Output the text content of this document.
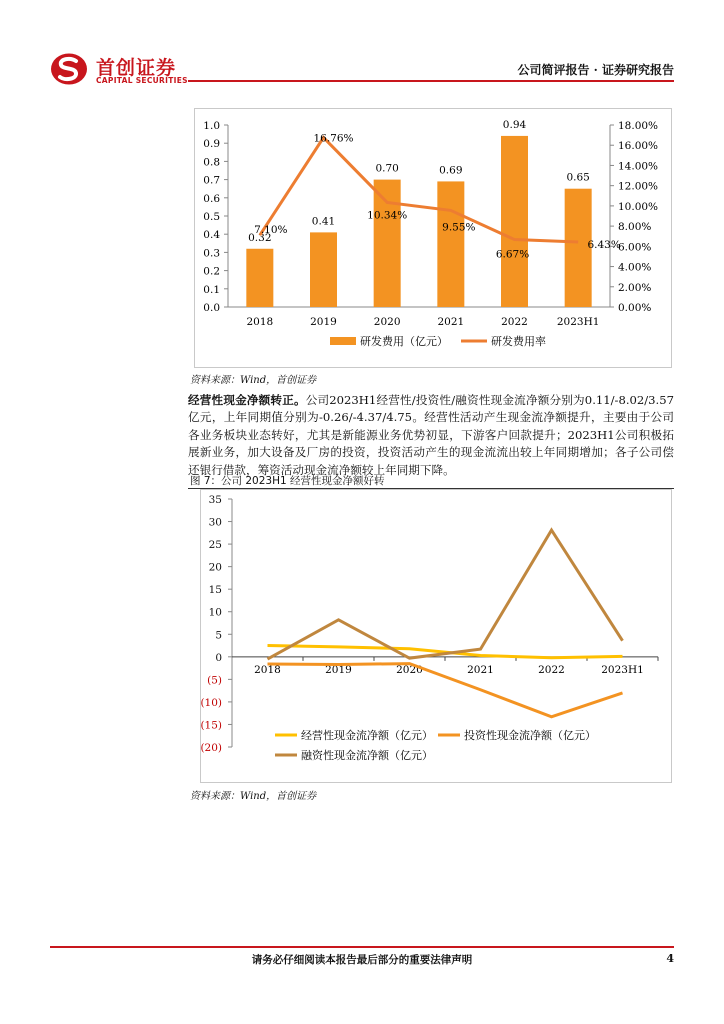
首创证券
CAPITAL SECURITIES
公司简评报告 · 证券研究报告
0.0
0.1
0.2
0.3
0.4
0.5
0.6
0.7
0.8
0.9
1.0
0.00%
2.00%
4.00%
6.00%
8.00%
10.00%
12.00%
14.00%
16.00%
18.00%
0.32
0.41
0.70	0.69
0.94
0.65
7.10%
16.76%
10.34%
9.55%
6.67%
6.43%
2018	2019	2020	2021	2022	2023H1
研发费用（亿元）	研发费用率
资料来源：Wind，首创证券
经营性现金净额转正。公司2023H1经营性/投资性/融资性现金流净额分别为0.11/-8.02/3.57亿元，上年同期值分别为-0.26/-4.37/4.75。经营性活动产生现金流净额提升，主要由于公司各业务板块业态转好，尤其是新能源业务优势初显，下游客户回款提升；2023H1公司积极拓展新业务，加大设备及厂房的投资，投资活动产生的现金流流出较上年同期增加；各子公司偿还银行借款，筹资活动现金流净额较上年同期下降。
图 7：公司 2023H1 经营性现金净额好转
(20)
(15)
(10)
(5)
0
5
10
15
20
25
30
35
2018	2019	2020	2021	2022	2023H1
经营性现金流净额（亿元）	投资性现金流净额（亿元）
融资性现金流净额（亿元）
资料来源：Wind，首创证券
请务必仔细阅读本报告最后部分的重要法律声明	4
